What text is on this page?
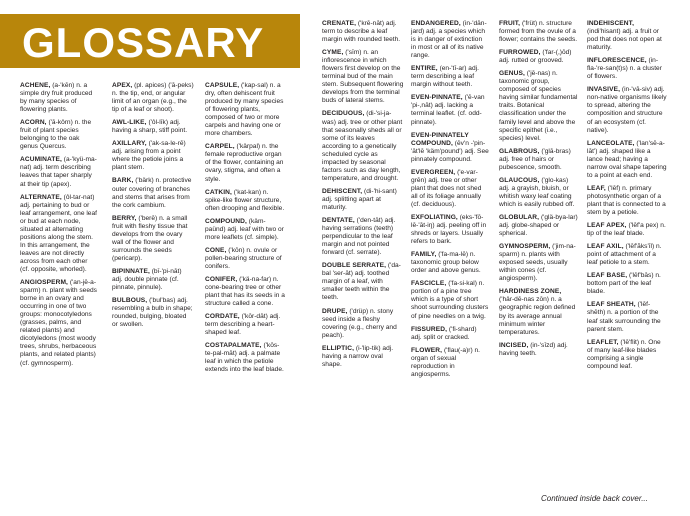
GLOSSARY

ACHENE, (a-'kēn) n. a simple dry fruit produced by many species of flowering plants.

ACORN, ('ā-kôrn) n. the fruit of plant species belonging to the oak genus Quercus.

ACUMINATE, (a-'kyü-ma-nat) adj. term describing leaves that taper sharply at their tip (apex).

ALTERNATE, (ôl-tar-nat) adj. pertaining to bud or leaf arrangement, one leaf or bud at each node, situated at alternating positions along the stem. In this arrangement, the leaves are not directly across from each other (cf. opposite, whorled).

ANGIOSPERM, ('an-jē-a-sparm) n. plant with seeds borne in an ovary and occurring in one of two groups: monocotyledons (grasses, palms, and related plants) and dicotyledons (most woody trees, shrubs, herbaceous plants, and related plants) (cf. gymnosperm).

APEX, (pl. apices) ('ā-peks) n. the tip, end, or angular limit of an organ (e.g., the tip of a leaf or shoot).

AWL-LIKE, ('ôl-līk) adj. having a sharp, stiff point.

AXILLARY, ('ak-sa-le-rē) adj. arising from a point where the petiole joins a plant stem.

BARK, ('bärk) n. protective outer covering of branches and stems that arises from the cork cambium.

BERRY, ('berē) n. a small fruit with fleshy tissue that develops from the ovary wall of the flower and surrounds the seeds (pericarp).

BIPINNATE, (bī-'pi-nāt) adj. double pinnate (cf. pinnate, pinnule).

BULBOUS, ('bul'bas) adj. resembling a bulb in shape; rounded, bulging, bloated or swollen.

CAPSULE, ('kap-sal) n. a dry, often dehiscent fruit produced by many species of flowering plants, composed of two or more carpels and having one or more chambers.

CARPEL, ('kärpal) n. the female reproductive organ of the flower, containing an ovary, stigma, and often a style.

CATKIN, ('kat-kan) n. spike-like flower structure, often drooping and flexible.

COMPOUND, (käm-paünd) adj. leaf with two or more leaflets (cf. simple).

CONE, ('kōn) n. ovule or pollen-bearing structure of conifers.

CONIFER, ('kä-na-far) n. cone-bearing tree or other plant that has its seeds in a structure called a cone.

CORDATE, ('kōr-dāt) adj. term describing a heart-shaped leaf.

COSTAPALMATE, ('kōs-te-pal-māt) adj. a palmate leaf in which the petiole extends into the leaf blade.

CRENATE, ('krē-nāt) adj. term to describe a leaf margin with rounded teeth.

CYME, ('sīm) n. an inflorescence in which flowers first develop on the terminal bud of the main stem. Subsequent flowering develops from the terminal buds of lateral stems.

DECIDUOUS, (di-'si-ja-was) adj. tree or other plant that seasonally sheds all or some of its leaves according to a genetically scheduled cycle as impacted by seasonal factors such as day length, temperature, and drought.

DEHISCENT, (di-'hi-sant) adj. splitting apart at maturity.

DENTATE, ('den-tāt) adj. having serrations (teeth) perpendicular to the leaf margin and not pointed forward (cf. serrate).

DOUBLE SERRATE, ('da-bal 'ser-āt) adj. toothed margin of a leaf, with smaller teeth within the teeth.

DRUPE, ('drüp) n. stony seed inside a fleshy covering (e.g., cherry and peach).

ELLIPTIC, (i-'lip-tik) adj. having a narrow oval shape.

ENDANGERED, (in-'dān-jard) adj. a species which is in danger of extinction in most or all of its native range.

ENTIRE, (en-'tī-ar) adj. term describing a leaf margin without teeth.

EVEN-PINNATE, ('ē-van 'pi-,nāt) adj. lacking a terminal leaflet. (cf. odd-pinnate).

EVEN-PINNATELY COMPOUND, (ēv'n -'pin-'āt'lē 'käm'pound') adj. See pinnately compound.

EVERGREEN, ('e-var-grēn) adj. tree or other plant that does not shed all of its foliage annually (cf. deciduous).

EXFOLIATING, (eks-'fō-lē-'āt-iŋ) adj. peeling off in shreds or layers. Usually refers to bark.

FAMILY, ('fa-ma-lē) n. taxonomic group below order and above genus.

FASCICLE, ('fa-si-kal) n. portion of a pine tree which is a type of short shoot surrounding clusters of pine needles on a twig.

FISSURED, ('fi-shard) adj. split or cracked.

FLOWER, ('flau(-a)r) n. organ of sexual reproduction in angiosperms.

FRUIT, ('früt) n. structure formed from the ovule of a flower; contains the seeds.

FURROWED, ('far-(,)ōd) adj. rutted or grooved.

GENUS, ('jē-nas) n. taxonomic group, composed of species having similar fundamental traits. Botanical classification under the family level and above the specific epithet (i.e., species) level.

GLABROUS, ('glā-bras) adj. free of hairs or pubescence, smooth.

GLAUCOUS, ('glo-kas) adj. a grayish, bluish, or whitish waxy leaf coating which is easily rubbed off.

GLOBULAR, ('glä-bya-lar) adj. globe-shaped or spherical.

GYMNOSPERM, ('jim-na-sparm) n. plants with exposed seeds, usually within cones (cf. angiosperm).

HARDINESS ZONE, ('här-dē-nas zōn) n. a geographic region defined by its average annual minimum winter temperatures.

INCISED, (in-'sīzd) adj. having teeth.

INDEHISCENT, (indi'hisant) adj. a fruit or pod that does not open at maturity.

INFLORESCENCE, (in-fla-'re-san(t)s) n. a cluster of flowers.

INVASIVE, (in-'vā-siv) adj. non-native organisms likely to spread, altering the composition and structure of an ecosystem (cf. native).

LANCEOLATE, ('lan'sē-a-lāt') adj. shaped like a lance head; having a narrow oval shape tapering to a point at each end.

LEAF, ('lēf) n. primary photosynthetic organ of a plant that is connected to a stem by a petiole.

LEAF APEX, ('lēf'a pex) n. tip of the leaf blade.

LEAF AXIL, ('lēf'ăks'īl) n. point of attachment of a leaf petiole to a stem.

LEAF BASE, ('lēf'bās) n. bottom part of the leaf blade.

LEAF SHEATH, ('lēf-shēth) n. a portion of the leaf stalk surrounding the parent stem.

LEAFLET, ('lē'flit) n. One of many leaf-like blades comprising a single compound leaf.

Continued inside back cover...
